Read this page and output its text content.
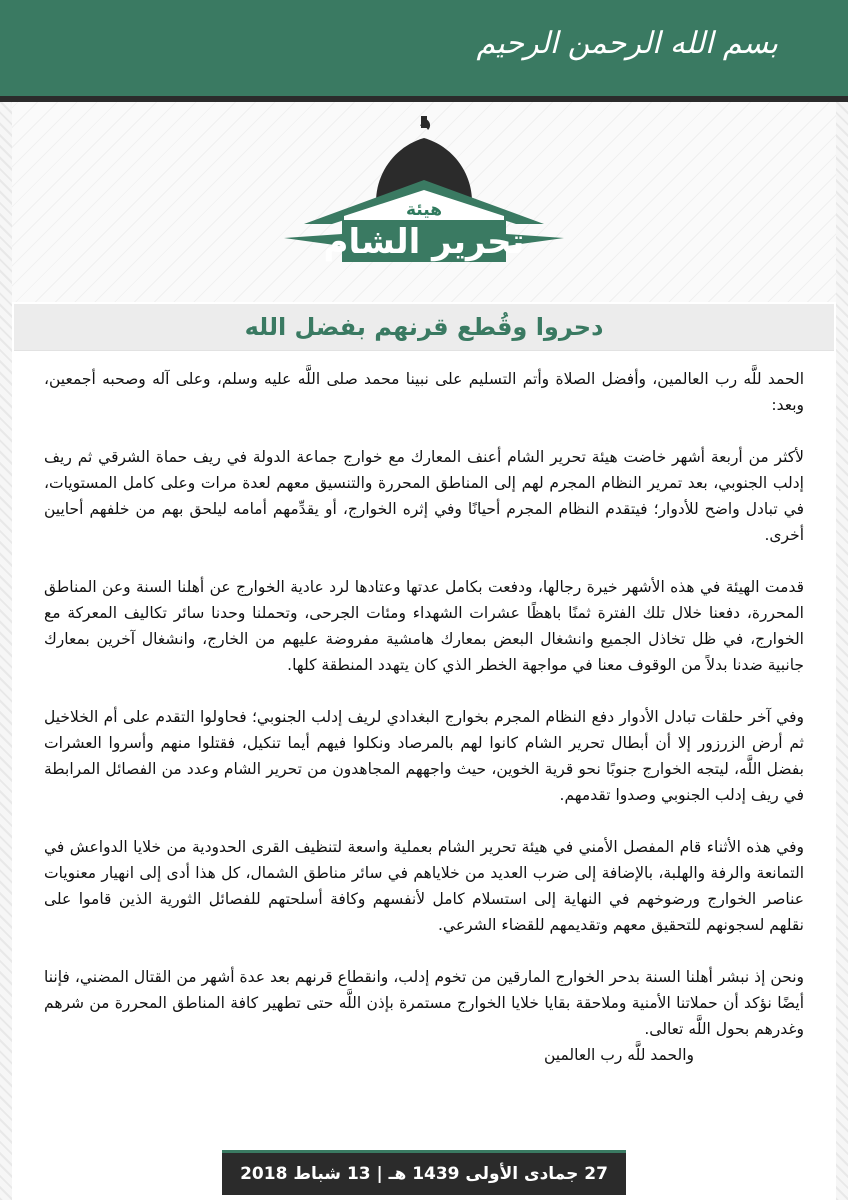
بسم الله الرحمن الرحيم
هيئة
تحرير الشام
دحروا وقُطع قرنهم بفضل الله

الحمد للَّه رب العالمين، وأفضل الصلاة وأتم التسليم على نبينا محمد صلى اللَّه عليه وسلم، وعلى آله وصحبه أجمعين، وبعد:

لأكثر من أربعة أشهر خاضت هيئة تحرير الشام أعنف المعارك مع خوارج جماعة الدولة في ريف حماة الشرقي ثم ريف إدلب الجنوبي، بعد تمرير النظام المجرم لهم إلى المناطق المحررة والتنسيق معهم لعدة مرات وعلى كامل المستويات، في تبادل واضح للأدوار؛ فيتقدم النظام المجرم أحيانًا وفي إثره الخوارج، أو يقدِّمهم أمامه ليلحق بهم من خلفهم أحايين أخرى.

قدمت الهيئة في هذه الأشهر خيرة رجالها، ودفعت بكامل عدتها وعتادها لرد عادية الخوارج عن أهلنا السنة وعن المناطق المحررة، دفعنا خلال تلك الفترة ثمنًا باهظًا عشرات الشهداء ومئات الجرحى، وتحملنا وحدنا سائر تكاليف المعركة مع الخوارج، في ظل تخاذل الجميع وانشغال البعض بمعارك هامشية مفروضة عليهم من الخارج، وانشغال آخرين بمعارك جانبية ضدنا بدلاً من الوقوف معنا في مواجهة الخطر الذي كان يتهدد المنطقة كلها.

وفي آخر حلقات تبادل الأدوار دفع النظام المجرم بخوارج البغدادي لريف إدلب الجنوبي؛ فحاولوا التقدم على أم الخلاخيل ثم أرض الزرزور إلا أن أبطال تحرير الشام كانوا لهم بالمرصاد ونكلوا فيهم أيما تنكيل، فقتلوا منهم وأسروا العشرات بفضل اللَّه، ليتجه الخوارج جنوبًا نحو قرية الخوين، حيث واجههم المجاهدون من تحرير الشام وعدد من الفصائل المرابطة في ريف إدلب الجنوبي وصدوا تقدمهم.

وفي هذه الأثناء قام المفصل الأمني في هيئة تحرير الشام بعملية واسعة لتنظيف القرى الحدودية من خلايا الدواعش في التمانعة والرفة والهلبة، بالإضافة إلى ضرب العديد من خلاياهم في سائر مناطق الشمال، كل هذا أدى إلى انهيار معنويات عناصر الخوارج ورضوخهم في النهاية إلى استسلام كامل لأنفسهم وكافة أسلحتهم للفصائل الثورية الذين قاموا على نقلهم لسجونهم للتحقيق معهم وتقديمهم للقضاء الشرعي.

ونحن إذ نبشر أهلنا السنة بدحر الخوارج المارقين من تخوم إدلب، وانقطاع قرنهم بعد عدة أشهر من القتال المضني، فإننا أيضًا نؤكد أن حملاتنا الأمنية وملاحقة بقايا خلايا الخوارج مستمرة بإذن اللَّه حتى تطهير كافة المناطق المحررة من شرهم وغدرهم بحول اللَّه تعالى.

والحمد للَّه رب العالمين
27 جمادى الأولى 1439 هـ | 13 شباط 2018
